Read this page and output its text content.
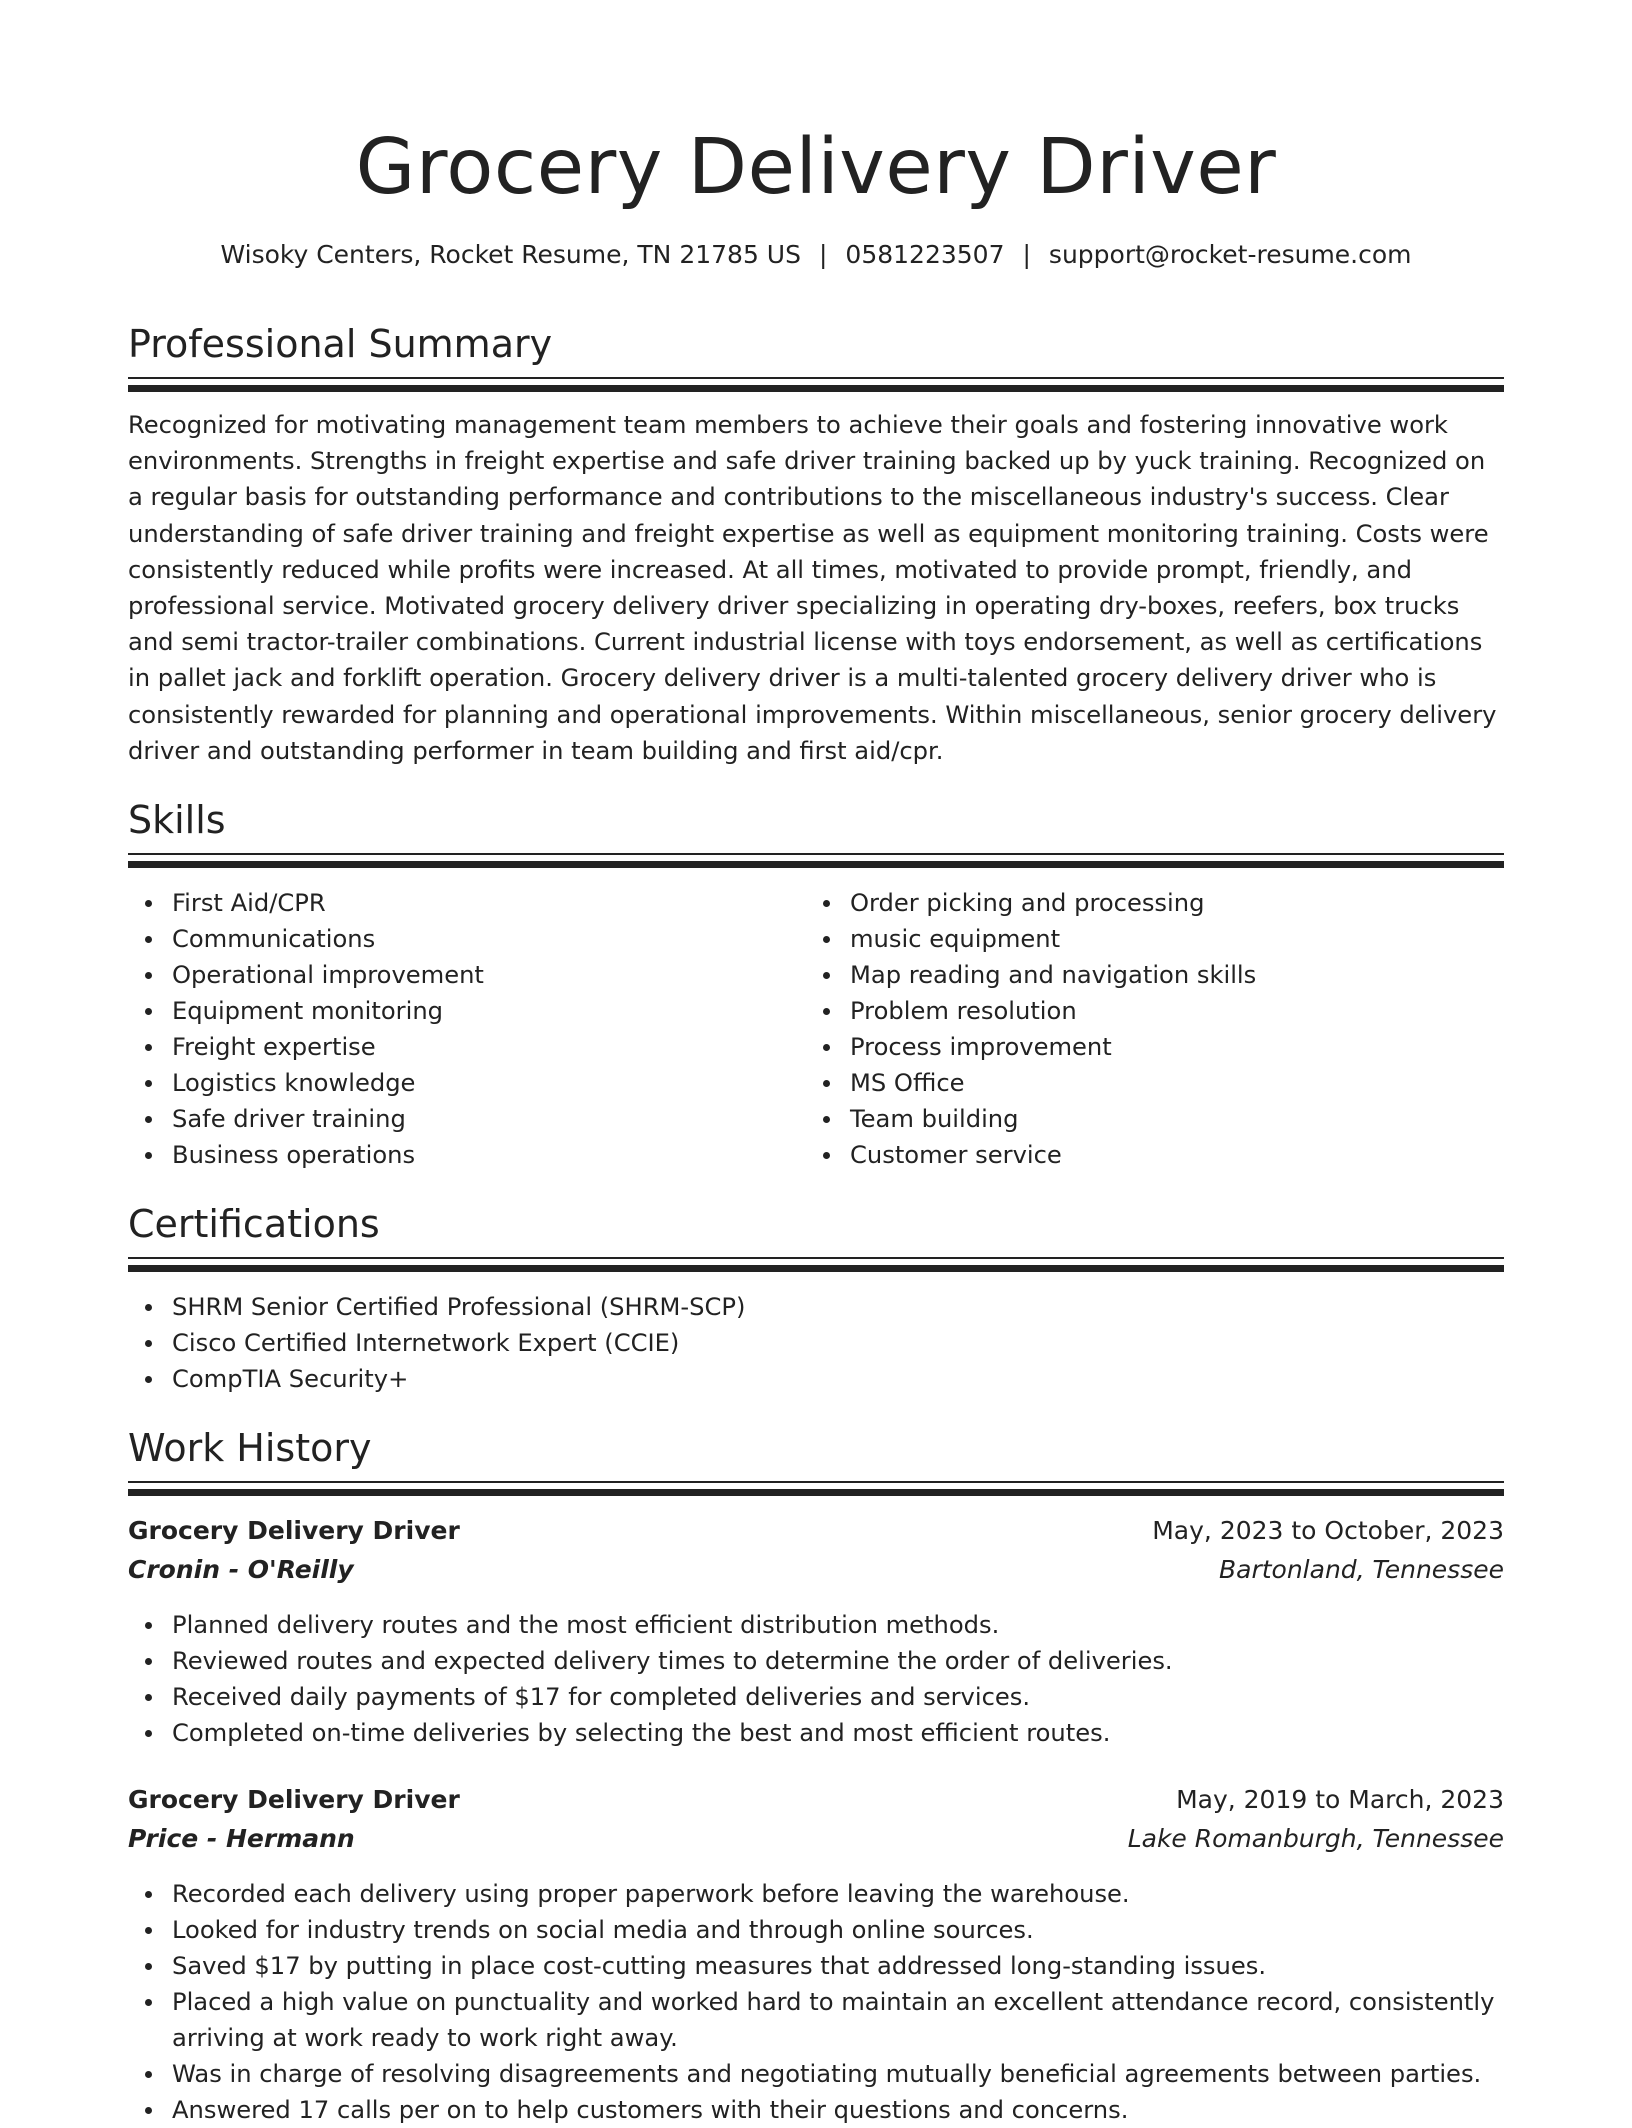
Grocery Delivery Driver
Wisoky Centers, Rocket Resume, TN 21785 US | 0581223507 | support@rocket-resume.com
Professional Summary

Recognized for motivating management team members to achieve their goals and fostering innovative work environments. Strengths in freight expertise and safe driver training backed up by yuck training. Recognized on a regular basis for outstanding performance and contributions to the miscellaneous industry's success. Clear understanding of safe driver training and freight expertise as well as equipment monitoring training. Costs were consistently reduced while profits were increased. At all times, motivated to provide prompt, friendly, and professional service. Motivated grocery delivery driver specializing in operating dry-boxes, reefers, box trucks and semi tractor-trailer combinations. Current industrial license with toys endorsement, as well as certifications in pallet jack and forklift operation. Grocery delivery driver is a multi-talented grocery delivery driver who is consistently rewarded for planning and operational improvements. Within miscellaneous, senior grocery delivery driver and outstanding performer in team building and first aid/cpr.

Skills
First Aid/CPR
Communications
Operational improvement
Equipment monitoring
Freight expertise
Logistics knowledge
Safe driver training
Business operations
Order picking and processing
music equipment
Map reading and navigation skills
Problem resolution
Process improvement
MS Office
Team building
Customer service
Certifications
SHRM Senior Certified Professional (SHRM-SCP)
Cisco Certified Internetwork Expert (CCIE)
CompTIA Security+
Work History
Grocery Delivery Driver	May, 2023 to October, 2023
Cronin - O'Reilly	Bartonland, Tennessee
Planned delivery routes and the most efficient distribution methods.
Reviewed routes and expected delivery times to determine the order of deliveries.
Received daily payments of $17 for completed deliveries and services.
Completed on-time deliveries by selecting the best and most efficient routes.
Grocery Delivery Driver	May, 2019 to March, 2023
Price - Hermann	Lake Romanburgh, Tennessee
Recorded each delivery using proper paperwork before leaving the warehouse.
Looked for industry trends on social media and through online sources.
Saved $17 by putting in place cost-cutting measures that addressed long-standing issues.
Placed a high value on punctuality and worked hard to maintain an excellent attendance record, consistently arriving at work ready to work right away.
Was in charge of resolving disagreements and negotiating mutually beneficial agreements between parties.
Answered 17 calls per on to help customers with their questions and concerns.
